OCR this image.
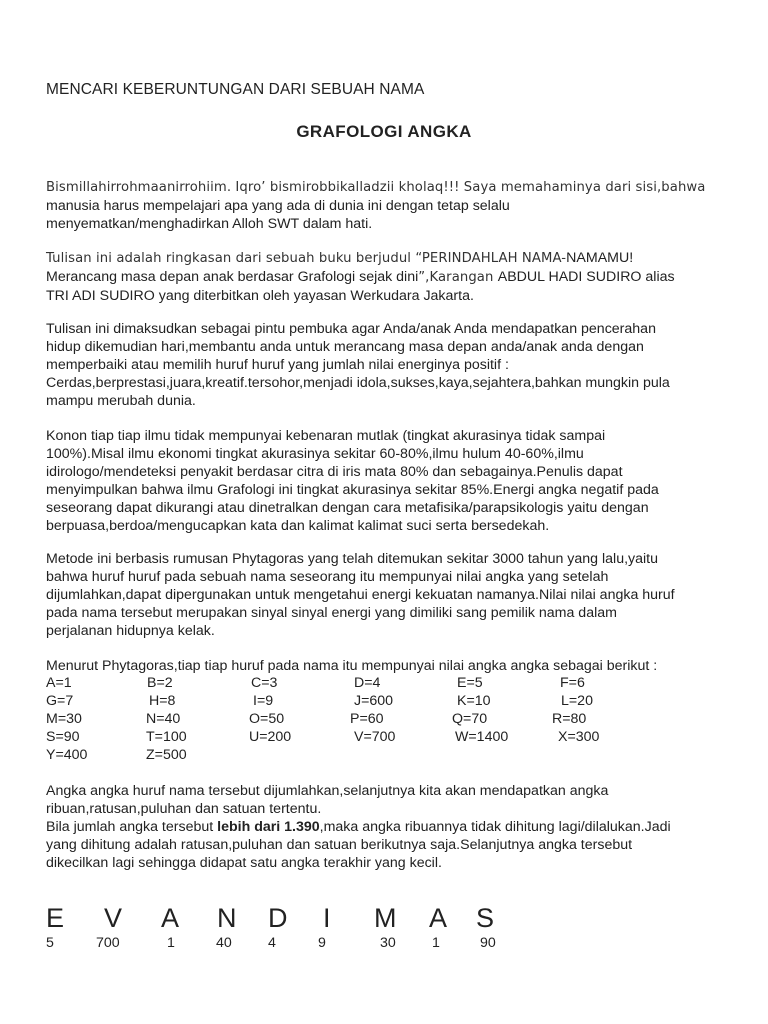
MENCARI KEBERUNTUNGAN DARI SEBUAH NAMA
GRAFOLOGI ANGKA

Bismillahirrohmaanirrohiim. Iqro’ bismirobbikalladzii kholaq!!! Saya memahaminya dari sisi,bahwa
manusia harus mempelajari apa yang ada di dunia ini dengan tetap selalu
menyematkan/menghadirkan Alloh SWT dalam hati.

Tulisan ini adalah ringkasan dari sebuah buku berjudul “PERINDAHLAH NAMA-NAMAMU!
Merancang masa depan anak berdasar Grafologi sejak dini”,Karangan ABDUL HADI SUDIRO alias
TRI ADI SUDIRO yang diterbitkan oleh yayasan Werkudara Jakarta.

Tulisan ini dimaksudkan sebagai pintu pembuka agar Anda/anak Anda mendapatkan pencerahan
hidup dikemudian hari,membantu anda untuk merancang masa depan anda/anak anda dengan
memperbaiki atau memilih huruf huruf yang jumlah nilai energinya positif :
Cerdas,berprestasi,juara,kreatif.tersohor,menjadi idola,sukses,kaya,sejahtera,bahkan mungkin pula
mampu merubah dunia.

Konon tiap tiap ilmu tidak mempunyai kebenaran mutlak (tingkat akurasinya tidak sampai
100%).Misal ilmu ekonomi tingkat akurasinya sekitar 60-80%,ilmu hulum 40-60%,ilmu
idirologo/mendeteksi penyakit berdasar citra di iris mata 80% dan sebagainya.Penulis dapat
menyimpulkan bahwa ilmu Grafologi ini tingkat akurasinya sekitar 85%.Energi angka negatif pada
seseorang dapat dikurangi atau dinetralkan dengan cara metafisika/parapsikologis yaitu dengan
berpuasa,berdoa/mengucapkan kata dan kalimat kalimat suci serta bersedekah.

Metode ini berbasis rumusan Phytagoras yang telah ditemukan sekitar 3000 tahun yang lalu,yaitu
bahwa huruf huruf pada sebuah nama seseorang itu mempunyai nilai angka yang setelah
dijumlahkan,dapat dipergunakan untuk mengetahui energi kekuatan namanya.Nilai nilai angka huruf
pada nama tersebut merupakan sinyal sinyal energi yang dimiliki sang pemilik nama dalam
perjalanan hidupnya kelak.

Menurut Phytagoras,tiap tiap huruf pada nama itu mempunyai nilai angka angka sebagai berikut :

A=1	B=2	C=3	D=4	E=5	F=6
G=7	H=8	I=9	J=600	K=10	L=20
M=30	N=40	O=50	P=60	Q=70	R=80
S=90	T=100	U=200	V=700	W=1400	X=300
Y=400	Z=500

Angka angka huruf nama tersebut dijumlahkan,selanjutnya kita akan mendapatkan angka
ribuan,ratusan,puluhan dan satuan tertentu.
Bila jumlah angka tersebut lebih dari 1.390,maka angka ribuannya tidak dihitung lagi/dilalukan.Jadi
yang dihitung adalah ratusan,puluhan dan satuan berikutnya saja.Selanjutnya angka tersebut
dikecilkan lagi sehingga didapat satu angka terakhir yang kecil.

E V A N D I M A S
5	700	1	40	4	9	30	1	90
